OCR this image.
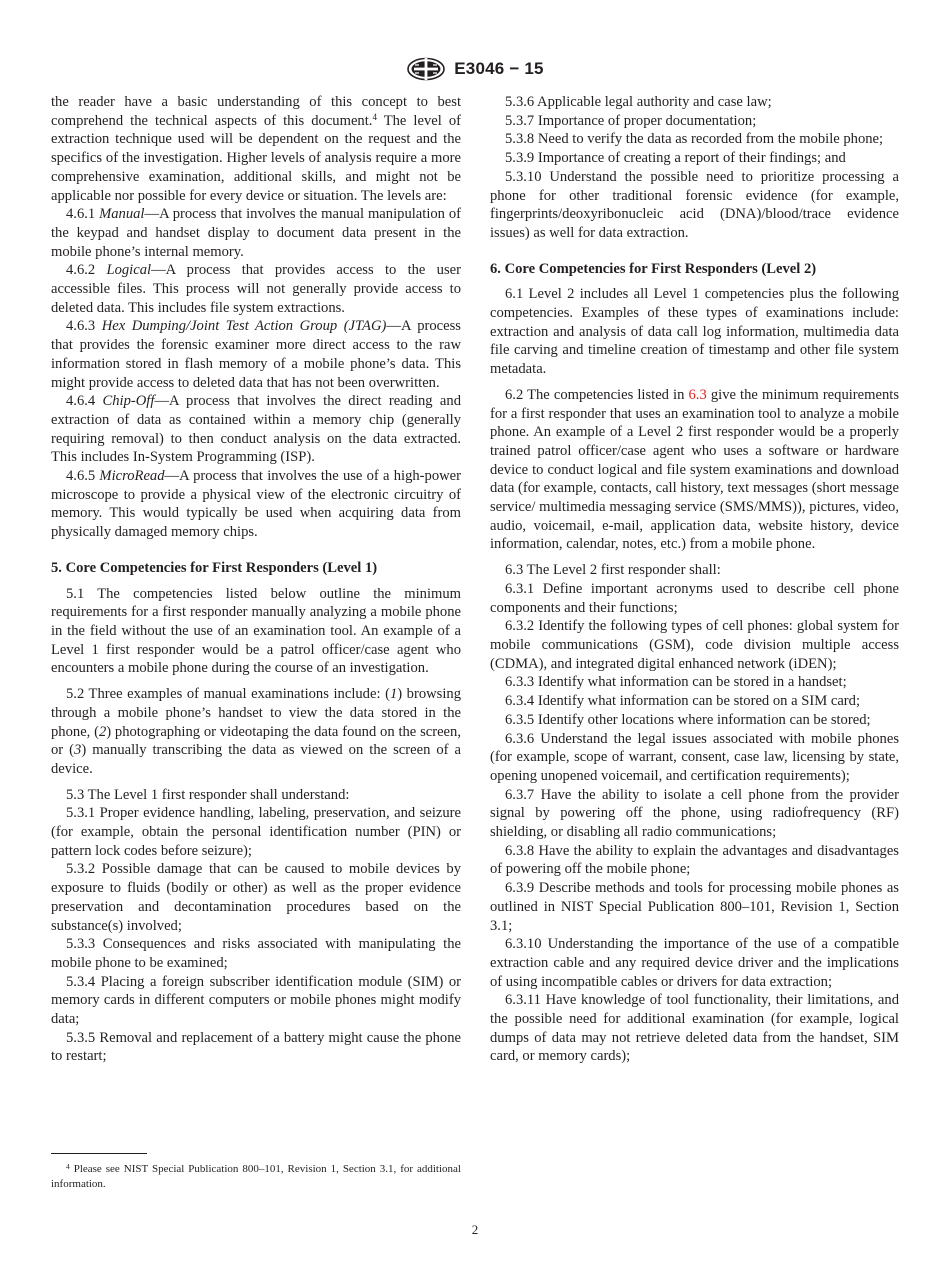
E3046 − 15

the reader have a basic understanding of this concept to best comprehend the technical aspects of this document.$^4$ The level of extraction technique used will be dependent on the request and the specifics of the investigation. Higher levels of analysis require a more comprehensive examination, additional skills, and might not be applicable nor possible for every device or situation. The levels are:

4.6.1 Manual—A process that involves the manual manipulation of the keypad and handset display to document data present in the mobile phone’s internal memory.

4.6.2 Logical—A process that provides access to the user accessible files. This process will not generally provide access to deleted data. This includes file system extractions.

4.6.3 Hex Dumping/Joint Test Action Group (JTAG)—A process that provides the forensic examiner more direct access to the raw information stored in flash memory of a mobile phone’s data. This might provide access to deleted data that has not been overwritten.

4.6.4 Chip-Off—A process that involves the direct reading and extraction of data as contained within a memory chip (generally requiring removal) to then conduct analysis on the data extracted. This includes In-System Programming (ISP).

4.6.5 MicroRead—A process that involves the use of a high-power microscope to provide a physical view of the electronic circuitry of memory. This would typically be used when acquiring data from physically damaged memory chips.

5. Core Competencies for First Responders (Level 1)

5.1 The competencies listed below outline the minimum requirements for a first responder manually analyzing a mobile phone in the field without the use of an examination tool. An example of a Level 1 first responder would be a patrol officer/case agent who encounters a mobile phone during the course of an investigation.

5.2 Three examples of manual examinations include: (1) browsing through a mobile phone’s handset to view the data stored in the phone, (2) photographing or videotaping the data found on the screen, or (3) manually transcribing the data as viewed on the screen of a device.

5.3 The Level 1 first responder shall understand:

5.3.1 Proper evidence handling, labeling, preservation, and seizure (for example, obtain the personal identification number (PIN) or pattern lock codes before seizure);

5.3.2 Possible damage that can be caused to mobile devices by exposure to fluids (bodily or other) as well as the proper evidence preservation and decontamination procedures based on the substance(s) involved;

5.3.3 Consequences and risks associated with manipulating the mobile phone to be examined;

5.3.4 Placing a foreign subscriber identification module (SIM) or memory cards in different computers or mobile phones might modify data;

5.3.5 Removal and replacement of a battery might cause the phone to restart;

$^4$ Please see NIST Special Publication 800–101, Revision 1, Section 3.1, for additional information.

5.3.6 Applicable legal authority and case law;

5.3.7 Importance of proper documentation;

5.3.8 Need to verify the data as recorded from the mobile phone;

5.3.9 Importance of creating a report of their findings; and

5.3.10 Understand the possible need to prioritize processing a phone for other traditional forensic evidence (for example, fingerprints/deoxyribonucleic acid (DNA)/blood/trace evidence issues) as well for data extraction.

6. Core Competencies for First Responders (Level 2)

6.1 Level 2 includes all Level 1 competencies plus the following competencies. Examples of these types of examinations include: extraction and analysis of data call log information, multimedia data file carving and timeline creation of timestamp and other file system metadata.

6.2 The competencies listed in 6.3 give the minimum requirements for a first responder that uses an examination tool to analyze a mobile phone. An example of a Level 2 first responder would be a properly trained patrol officer/case agent who uses a software or hardware device to conduct logical and file system examinations and download data (for example, contacts, call history, text messages (short message service/ multimedia messaging service (SMS/MMS)), pictures, video, audio, voicemail, e-mail, application data, website history, device information, calendar, notes, etc.) from a mobile phone.

6.3 The Level 2 first responder shall:

6.3.1 Define important acronyms used to describe cell phone components and their functions;

6.3.2 Identify the following types of cell phones: global system for mobile communications (GSM), code division multiple access (CDMA), and integrated digital enhanced network (iDEN);

6.3.3 Identify what information can be stored in a handset;

6.3.4 Identify what information can be stored on a SIM card;

6.3.5 Identify other locations where information can be stored;

6.3.6 Understand the legal issues associated with mobile phones (for example, scope of warrant, consent, case law, licensing by state, opening unopened voicemail, and certification requirements);

6.3.7 Have the ability to isolate a cell phone from the provider signal by powering off the phone, using radiofrequency (RF) shielding, or disabling all radio communications;

6.3.8 Have the ability to explain the advantages and disadvantages of powering off the mobile phone;

6.3.9 Describe methods and tools for processing mobile phones as outlined in NIST Special Publication 800–101, Revision 1, Section 3.1;

6.3.10 Understanding the importance of the use of a compatible extraction cable and any required device driver and the implications of using incompatible cables or drivers for data extraction;

6.3.11 Have knowledge of tool functionality, their limitations, and the possible need for additional examination (for example, logical dumps of data may not retrieve deleted data from the handset, SIM card, or memory cards);

2
